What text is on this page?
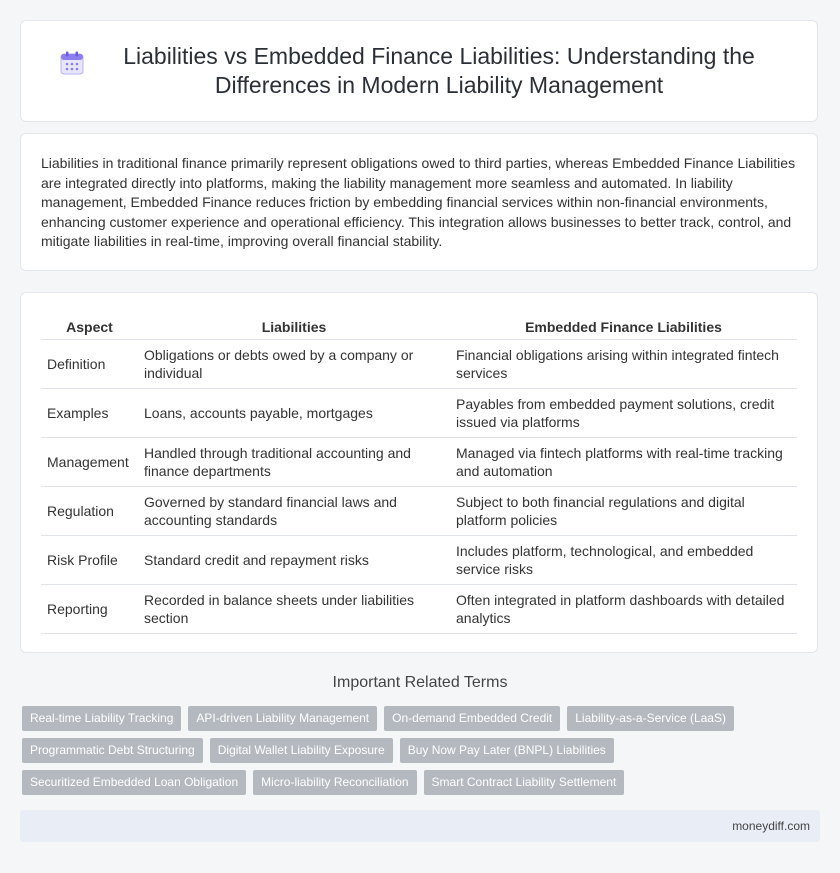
Liabilities vs Embedded Finance Liabilities: Understanding the Differences in Modern Liability Management

Liabilities in traditional finance primarily represent obligations owed to third parties, whereas Embedded Finance Liabilities are integrated directly into platforms, making the liability management more seamless and automated. In liability management, Embedded Finance reduces friction by embedding financial services within non-financial environments, enhancing customer experience and operational efficiency. This integration allows businesses to better track, control, and mitigate liabilities in real-time, improving overall financial stability.

Aspect	Liabilities	Embedded Finance Liabilities
Definition	Obligations or debts owed by a company or individual	Financial obligations arising within integrated fintech services
Examples	Loans, accounts payable, mortgages	Payables from embedded payment solutions, credit issued via platforms
Management	Handled through traditional accounting and finance departments	Managed via fintech platforms with real-time tracking and automation
Regulation	Governed by standard financial laws and accounting standards	Subject to both financial regulations and digital platform policies
Risk Profile	Standard credit and repayment risks	Includes platform, technological, and embedded service risks
Reporting	Recorded in balance sheets under liabilities section	Often integrated in platform dashboards with detailed analytics
Important Related Terms
Real-time Liability Tracking	API-driven Liability Management	On-demand Embedded Credit	Liability-as-a-Service (LaaS)
Programmatic Debt Structuring	Digital Wallet Liability Exposure	Buy Now Pay Later (BNPL) Liabilities
Securitized Embedded Loan Obligation	Micro-liability Reconciliation	Smart Contract Liability Settlement
moneydiff.com
